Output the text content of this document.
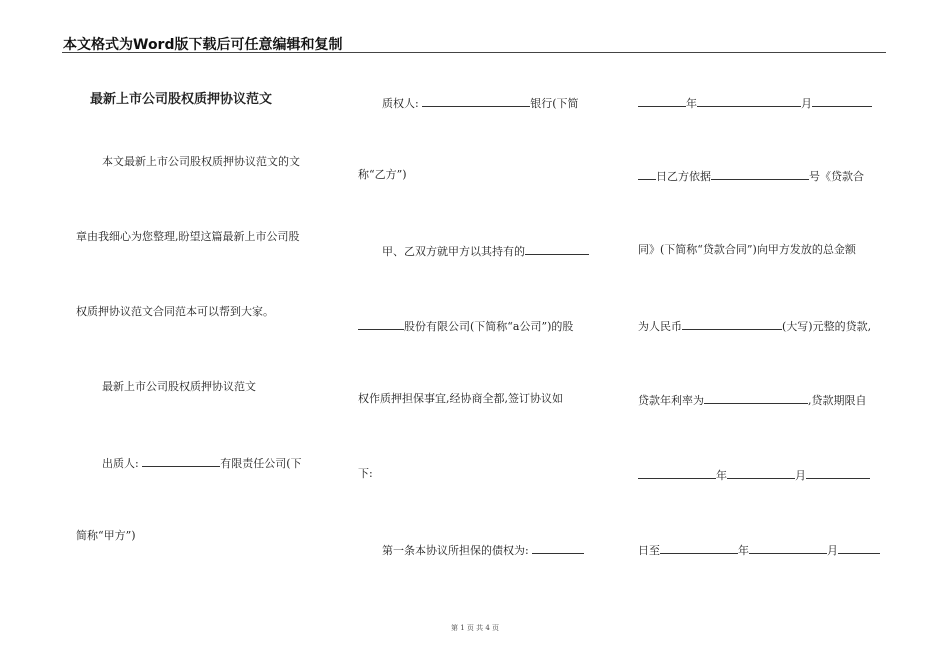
本文格式为Word版下载后可任意编辑和复制
最新上市公司股权质押协议范文
本文最新上市公司股权质押协议范文的文
章由我细心为您整理,盼望这篇最新上市公司股
权质押协议范文合同范本可以帮到大家。
最新上市公司股权质押协议范文
出质人:	有限责任公司(下
简称“甲方”)
质权人:	银行(下简
称“乙方”)
甲、乙双方就甲方以其持有的
股份有限公司(下简称“a公司”)的股
权作质押担保事宜,经协商全都,签订协议如
下:
第一条本协议所担保的债权为:
年	月
日乙方依据	号《贷款合
同》(下简称“贷款合同”)向甲方发放的总金额
为人民币	(大写)元整的贷款,
贷款年利率为	,贷款期限自
年	月
日至	年	月
第 1 页 共 4 页
